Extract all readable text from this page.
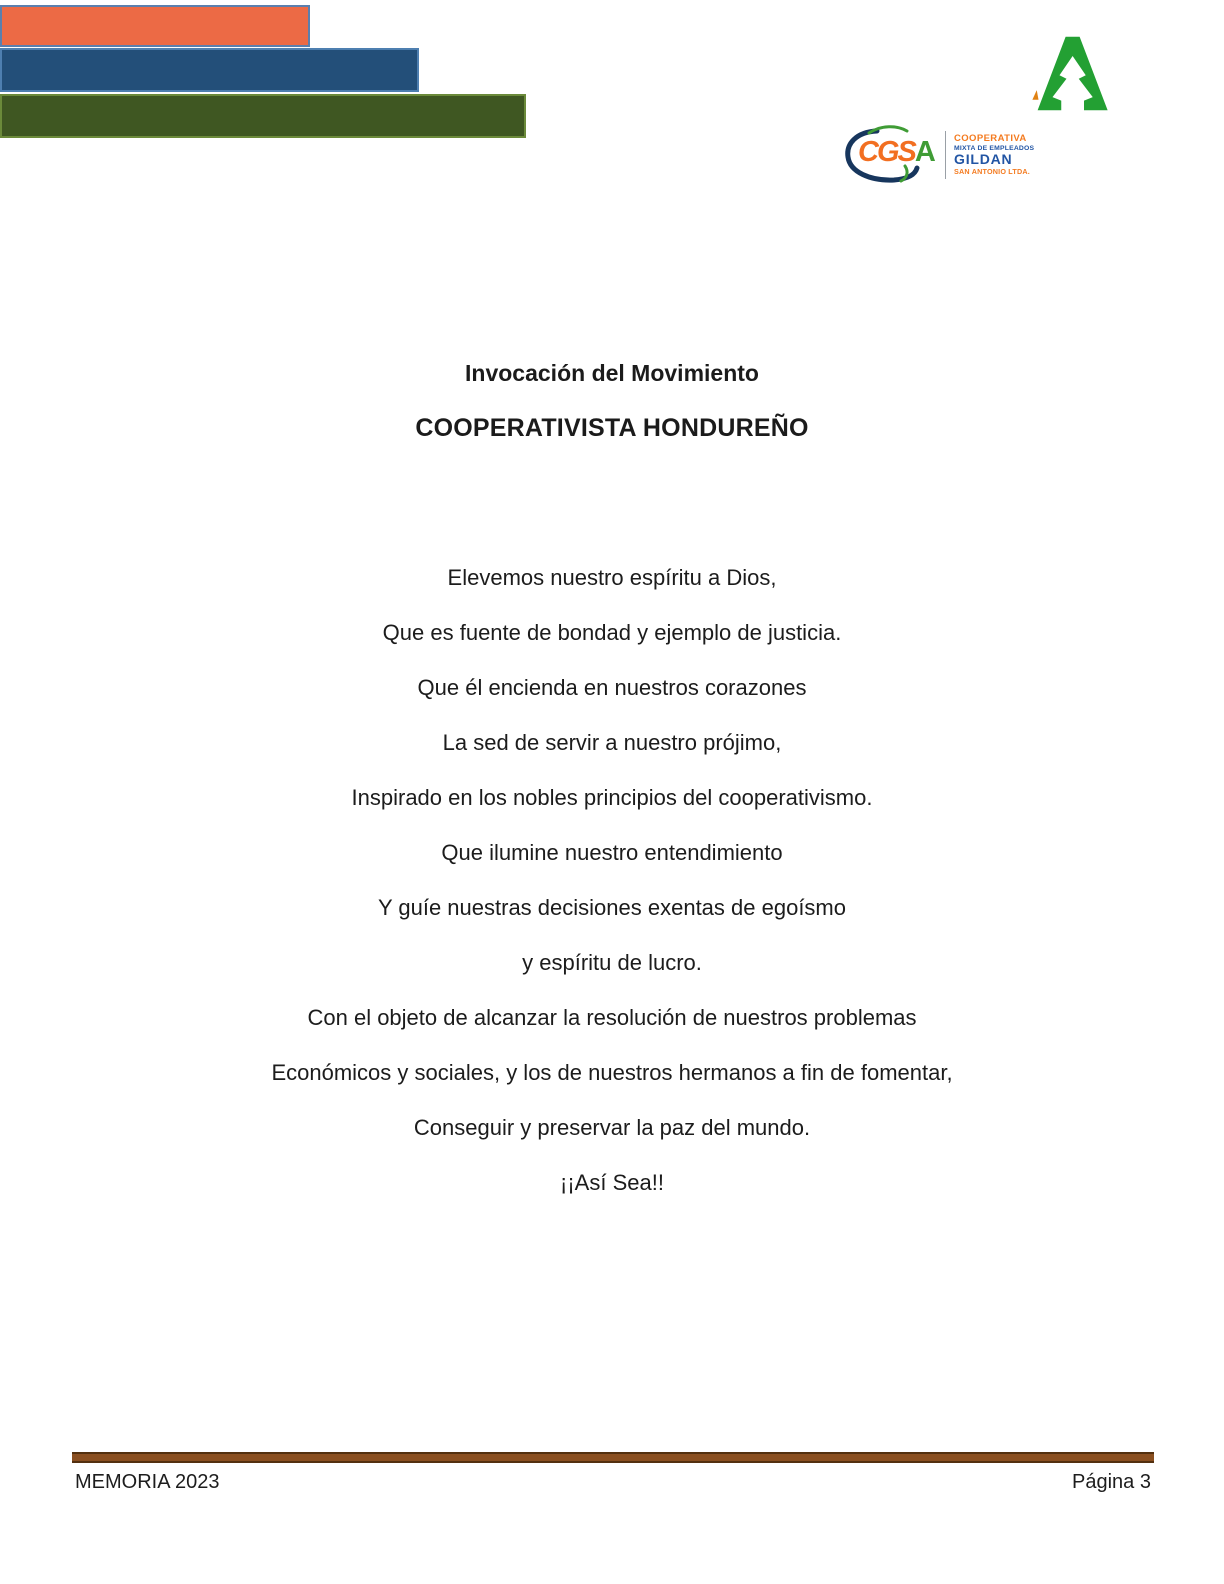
CGSA COOPERATIVA
MIXTA DE EMPLEADOS
GILDAN
SAN ANTONIO LTDA.
Invocación del Movimiento
COOPERATIVISTA HONDUREÑO
Elevemos nuestro espíritu a Dios,
Que es fuente de bondad y ejemplo de justicia.
Que él encienda en nuestros corazones
La sed de servir a nuestro prójimo,
Inspirado en los nobles principios del cooperativismo.
Que ilumine nuestro entendimiento
Y guíe nuestras decisiones exentas de egoísmo
y espíritu de lucro.
Con el objeto de alcanzar la resolución de nuestros problemas
Económicos y sociales, y los de nuestros hermanos a fin de fomentar,
Conseguir y preservar la paz del mundo.
¡¡Así Sea!!
MEMORIA 2023	Página 3
